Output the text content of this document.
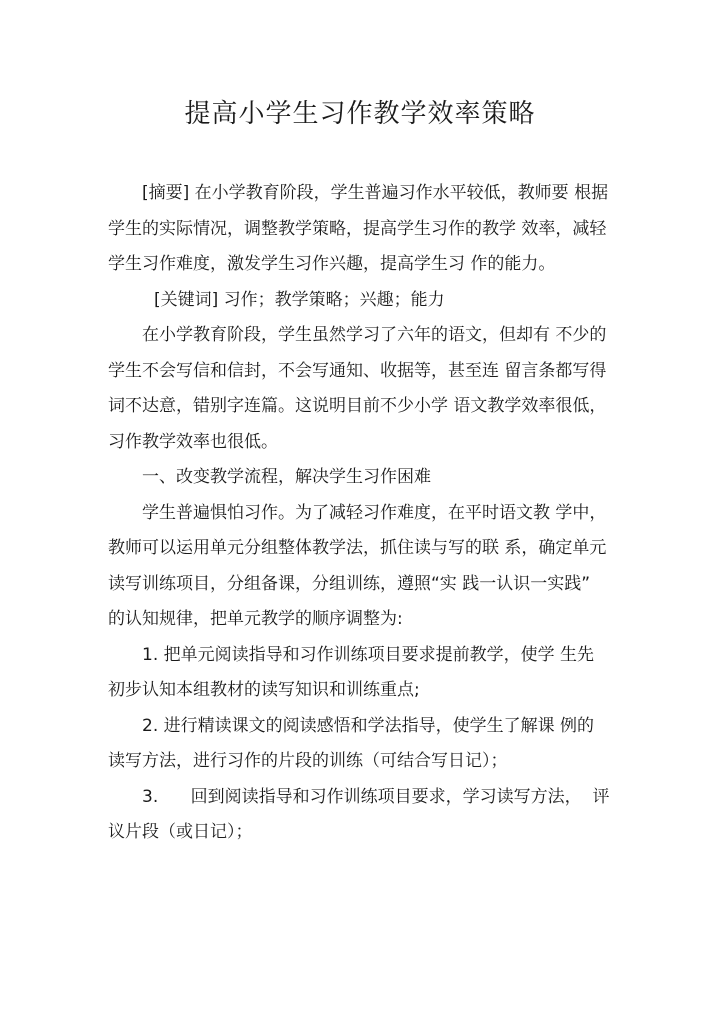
提高小学生习作教学效率策略

[摘要] 在小学教育阶段，学生普遍习作水平较低，教师要 根据
学生的实际情况，调整教学策略，提高学生习作的教学 效率，减轻
学生习作难度，激发学生习作兴趣，提高学生习 作的能力。

[关键词] 习作；教学策略；兴趣；能力

在小学教育阶段，学生虽然学习了六年的语文，但却有 不少的
学生不会写信和信封，不会写通知、收据等，甚至连 留言条都写得
词不达意，错别字连篇。这说明目前不少小学 语文教学效率很低，
习作教学效率也很低。

一、改变教学流程，解决学生习作困难

学生普遍惧怕习作。为了减轻习作难度，在平时语文教 学中，
教师可以运用单元分组整体教学法，抓住读与写的联 系，确定单元
读写训练项目，分组备课，分组训练，遵照“实 践一认识一实践”
的认知规律，把单元教学的顺序调整为:

1. 把单元阅读指导和习作训练项目要求提前教学，使学 生先
初步认知本组教材的读写知识和训练重点;

2. 进行精读课文的阅读感悟和学法指导，使学生了解课 例的
读写方法，进行习作的片段的训练（可结合写日记）；

3.      回到阅读指导和习作训练项目要求，学习读写方法，  评
议片段（或日记）；
